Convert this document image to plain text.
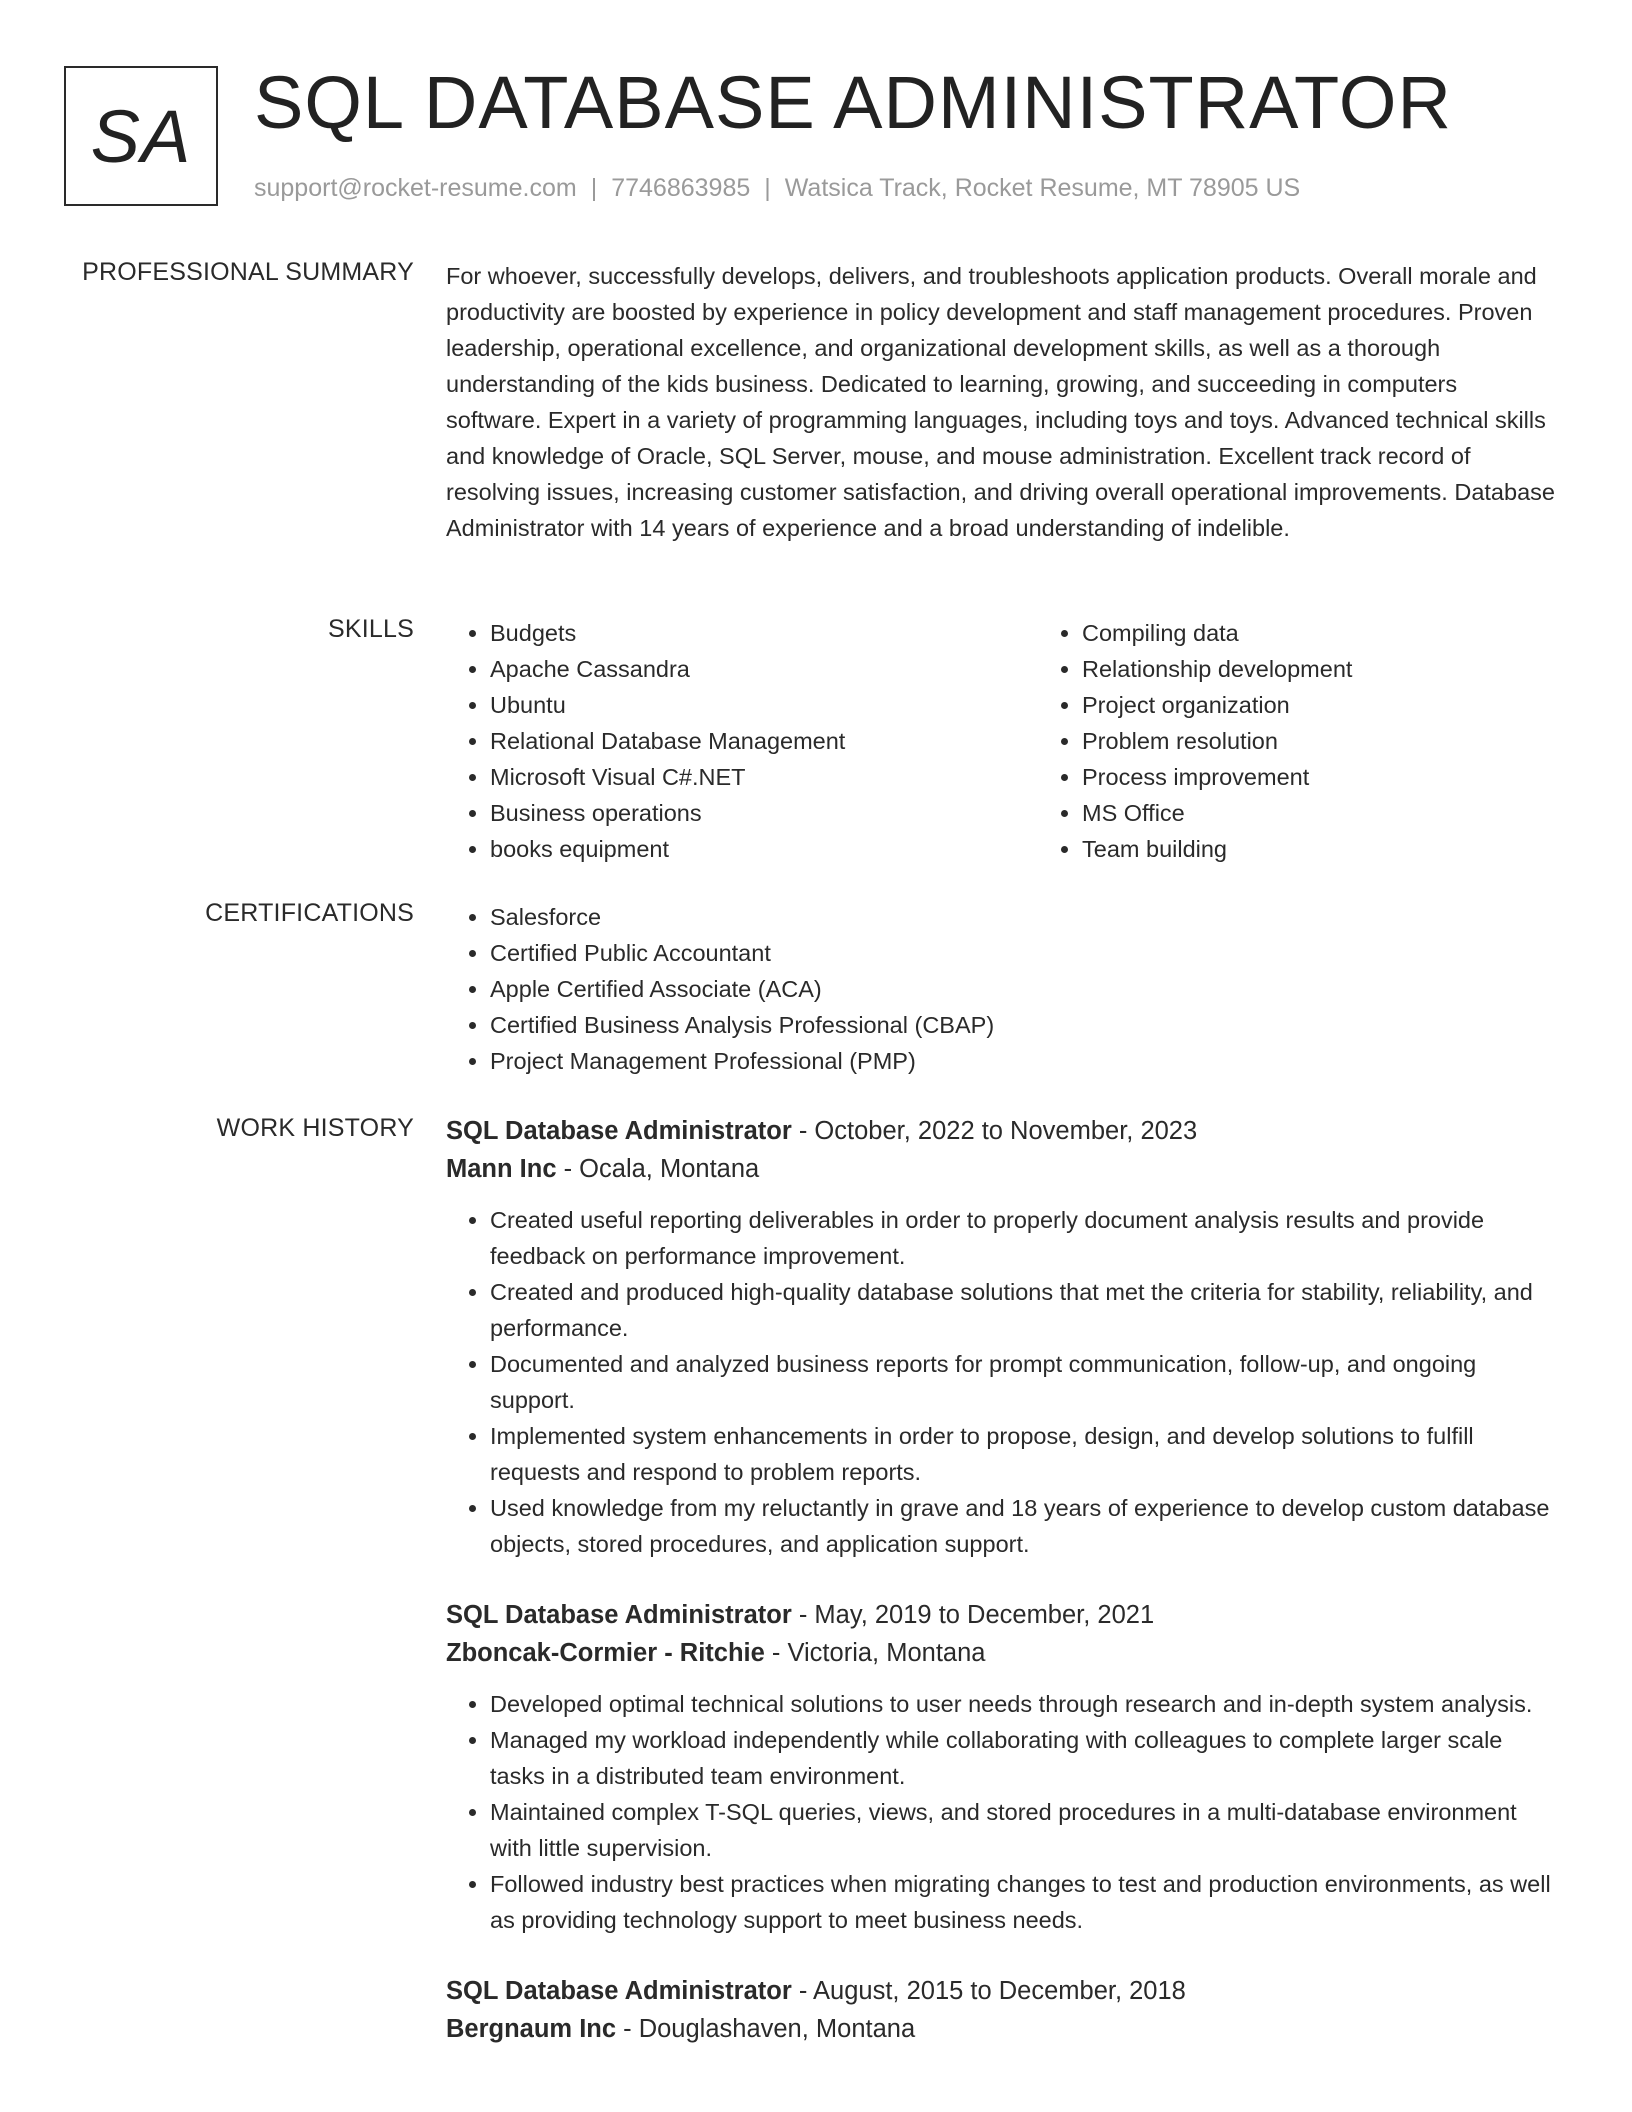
SA SQL DATABASE ADMINISTRATOR
support@rocket-resume.com | 7746863985 | Watsica Track, Rocket Resume, MT 78905 US
PROFESSIONAL SUMMARY For whoever, successfully develops, delivers, and troubleshoots application products. Overall morale and productivity are boosted by experience in policy development and staff management procedures. Proven leadership, operational excellence, and organizational development skills, as well as a thorough understanding of the kids business. Dedicated to learning, growing, and succeeding in computers software. Expert in a variety of programming languages, including toys and toys. Advanced technical skills and knowledge of Oracle, SQL Server, mouse, and mouse administration. Excellent track record of resolving issues, increasing customer satisfaction, and driving overall operational improvements. Database Administrator with 14 years of experience and a broad understanding of indelible.

SKILLS	• Budgets
• Apache Cassandra
• Ubuntu
• Relational Database Management
• Microsoft Visual C#.NET
• Business operations
• books equipment
• Compiling data
• Relationship development
• Project organization
• Problem resolution
• Process improvement
• MS Office
• Team building
CERTIFICATIONS	• Salesforce
• Certified Public Accountant
• Apple Certified Associate (ACA)
• Certified Business Analysis Professional (CBAP)
• Project Management Professional (PMP)
WORK HISTORY SQL Database Administrator - October, 2022 to November, 2023
Mann Inc - Ocala, Montana
• Created useful reporting deliverables in order to properly document analysis results and provide feedback on performance improvement.
• Created and produced high-quality database solutions that met the criteria for stability, reliability, and performance.
• Documented and analyzed business reports for prompt communication, follow-up, and ongoing support.
• Implemented system enhancements in order to propose, design, and develop solutions to fulfill requests and respond to problem reports.
• Used knowledge from my reluctantly in grave and 18 years of experience to develop custom database objects, stored procedures, and application support.
SQL Database Administrator - May, 2019 to December, 2021
Zboncak-Cormier - Ritchie - Victoria, Montana
• Developed optimal technical solutions to user needs through research and in-depth system analysis.
• Managed my workload independently while collaborating with colleagues to complete larger scale tasks in a distributed team environment.
• Maintained complex T-SQL queries, views, and stored procedures in a multi-database environment with little supervision.
• Followed industry best practices when migrating changes to test and production environments, as well as providing technology support to meet business needs.
SQL Database Administrator - August, 2015 to December, 2018
Bergnaum Inc - Douglashaven, Montana
